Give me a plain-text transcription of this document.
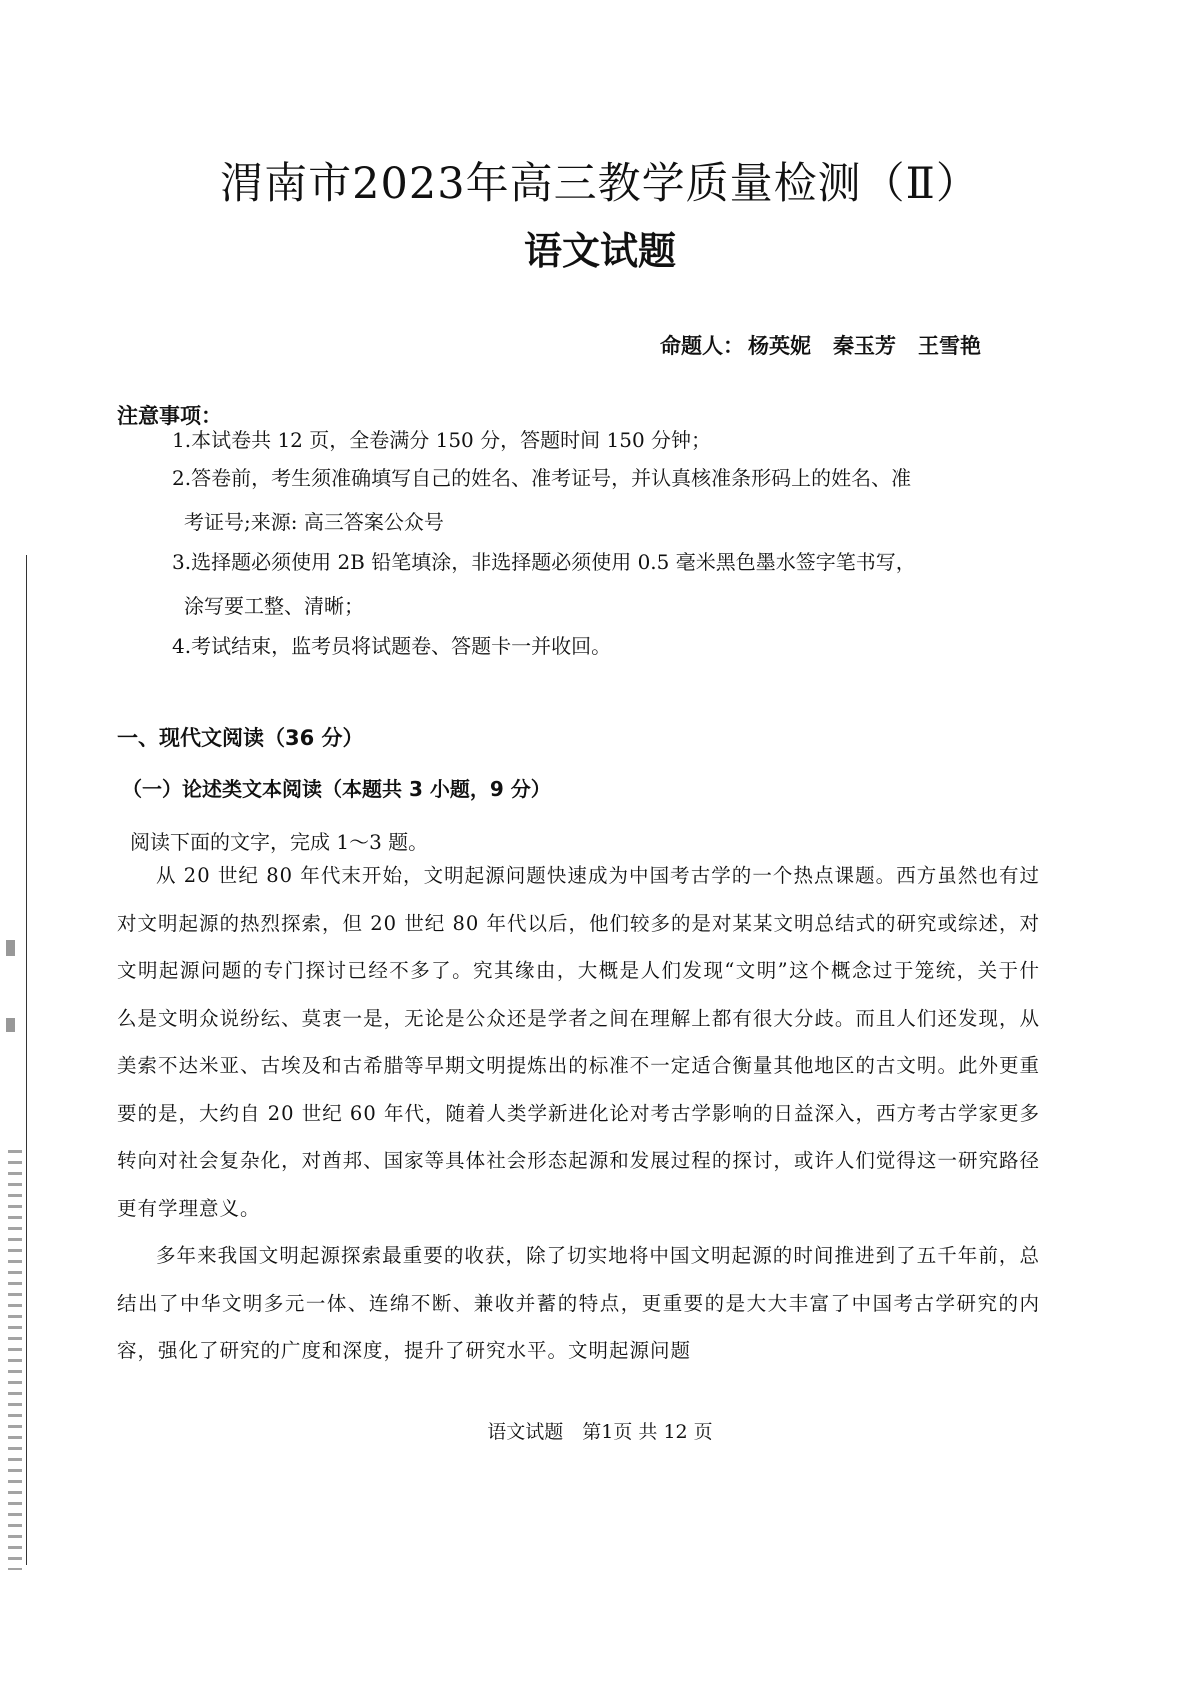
渭南市2023年高三教学质量检测（Ⅱ）
语文试题
命题人： 杨英妮 秦玉芳 王雪艳
注意事项：
1.本试卷共 12 页，全卷满分 150 分，答题时间 150 分钟；
2.答卷前，考生须准确填写自己的姓名、准考证号，并认真核准条形码上的姓名、准
考证号;来源: 高三答案公众号
3.选择题必须使用 2B 铅笔填涂，非选择题必须使用 0.5 毫米黑色墨水签字笔书写，
涂写要工整、清晰；
4.考试结束，监考员将试题卷、答题卡一并收回。
一、现代文阅读（36 分）
（一）论述类文本阅读（本题共 3 小题，9 分）
阅读下面的文字，完成 1～3 题。
从 20 世纪 80 年代末开始，文明起源问题快速成为中国考古学的一个热点课题。西方虽然也有过对文明起源的热烈探索，但 20 世纪 80 年代以后，他们较多的是对某某文明总结式的研究或综述，对文明起源问题的专门探讨已经不多了。究其缘由，大概是人们发现“文明”这个概念过于笼统，关于什么是文明众说纷纭、莫衷一是，无论是公众还是学者之间在理解上都有很大分歧。而且人们还发现，从美索不达米亚、古埃及和古希腊等早期文明提炼出的标准不一定适合衡量其他地区的古文明。此外更重要的是，大约自 20 世纪 60 年代，随着人类学新进化论对考古学影响的日益深入，西方考古学家更多转向对社会复杂化，对酋邦、国家等具体社会形态起源和发展过程的探讨，或许人们觉得这一研究路径更有学理意义。
多年来我国文明起源探索最重要的收获，除了切实地将中国文明起源的时间推进到了五千年前，总结出了中华文明多元一体、连绵不断、兼收并蓄的特点，更重要的是大大丰富了中国考古学研究的内容，强化了研究的广度和深度，提升了研究水平。文明起源问题
语文试题　第1页 共 12 页
